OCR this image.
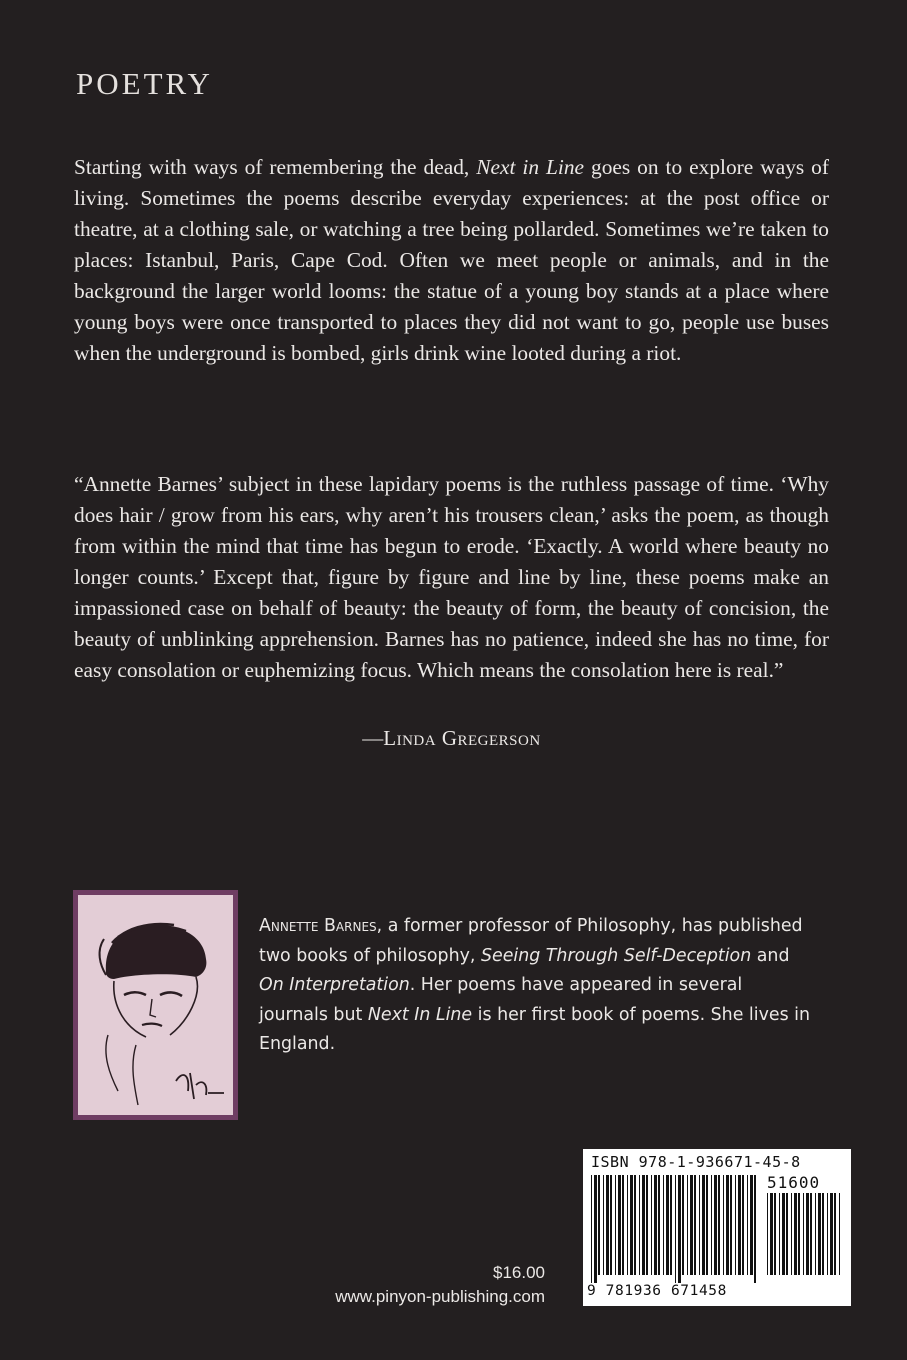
POETRY
Starting with ways of remembering the dead, Next in Line goes on to explore ways of living. Sometimes the poems describe everyday experiences: at the post office or theatre, at a clothing sale, or watching a tree being pollarded. Sometimes we’re taken to places: Istanbul, Paris, Cape Cod. Often we meet people or animals, and in the background the larger world looms: the statue of a young boy stands at a place where young boys were once transported to places they did not want to go, people use buses when the underground is bombed, girls drink wine looted during a riot.
“Annette Barnes’ subject in these lapidary poems is the ruthless passage of time. ‘Why does hair / grow from his ears, why aren’t his trousers clean,’ asks the poem, as though from within the mind that time has begun to erode. ‘Exactly. A world where beauty no longer counts.’ Except that, figure by figure and line by line, these poems make an impassioned case on behalf of beauty: the beauty of form, the beauty of concision, the beauty of unblinking apprehension. Barnes has no patience, indeed she has no time, for easy consolation or euphemizing focus. Which means the consolation here is real.”
—Linda Gregerson
Annette Barnes, a former professor of Philosophy, has published two books of philosophy, Seeing Through Self-Deception and On Interpretation. Her poems have appeared in several journals but Next In Line is her first book of poems. She lives in England.
$16.00
www.pinyon-publishing.com
ISBN 978-1-936671-45-8
51600
9 781936 671458
